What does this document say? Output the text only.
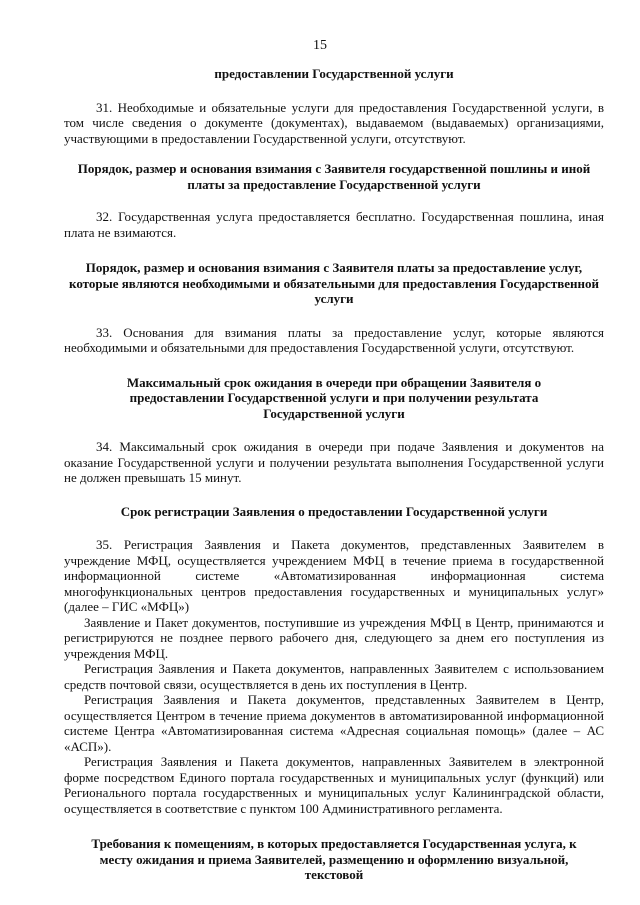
15
предоставлении Государственной услуги
31. Необходимые и обязательные услуги для предоставления Государственной услуги, в том числе сведения о документе (документах), выдаваемом (выдаваемых) организациями, участвующими в предоставлении Государственной услуги, отсутствуют.
Порядок, размер и основания взимания с Заявителя государственной пошлины и иной платы за предоставление Государственной услуги
32. Государственная услуга предоставляется бесплатно. Государственная пошлина, иная плата не взимаются.
Порядок, размер и основания взимания с Заявителя платы за предоставление услуг, которые являются необходимыми и обязательными для предоставления Государственной услуги
33. Основания для взимания платы за предоставление услуг, которые являются необходимыми и обязательными для предоставления Государственной услуги, отсутствуют.
Максимальный срок ожидания в очереди при обращении Заявителя о предоставлении Государственной услуги и при получении результата Государственной услуги
34. Максимальный срок ожидания в очереди при подаче Заявления и документов на оказание Государственной услуги и получении результата выполнения Государственной услуги не должен превышать 15 минут.
Срок регистрации Заявления о предоставлении Государственной услуги
35. Регистрация Заявления и Пакета документов, представленных Заявителем в учреждение МФЦ, осуществляется учреждением МФЦ в течение приема в государственной информационной системе «Автоматизированная информационная система многофункциональных центров предоставления государственных и муниципальных услуг» (далее – ГИС «МФЦ»)
Заявление и Пакет документов, поступившие из учреждения МФЦ в Центр, принимаются и регистрируются не позднее первого рабочего дня, следующего за днем его поступления из учреждения МФЦ.
Регистрация Заявления и Пакета документов, направленных Заявителем с использованием средств почтовой связи, осуществляется в день их поступления в Центр.
Регистрация Заявления и Пакета документов, представленных Заявителем в Центр, осуществляется Центром в течение приема документов в автоматизированной информационной системе Центра «Автоматизированная система «Адресная социальная помощь» (далее – АС «АСП»).
Регистрация Заявления и Пакета документов, направленных Заявителем в электронной форме посредством Единого портала государственных и муниципальных услуг (функций) или Регионального портала государственных и муниципальных услуг Калининградской области, осуществляется в соответствие с пунктом 100 Административного регламента.
Требования к помещениям, в которых предоставляется Государственная услуга, к месту ожидания и приема Заявителей, размещению и оформлению визуальной, текстовой
